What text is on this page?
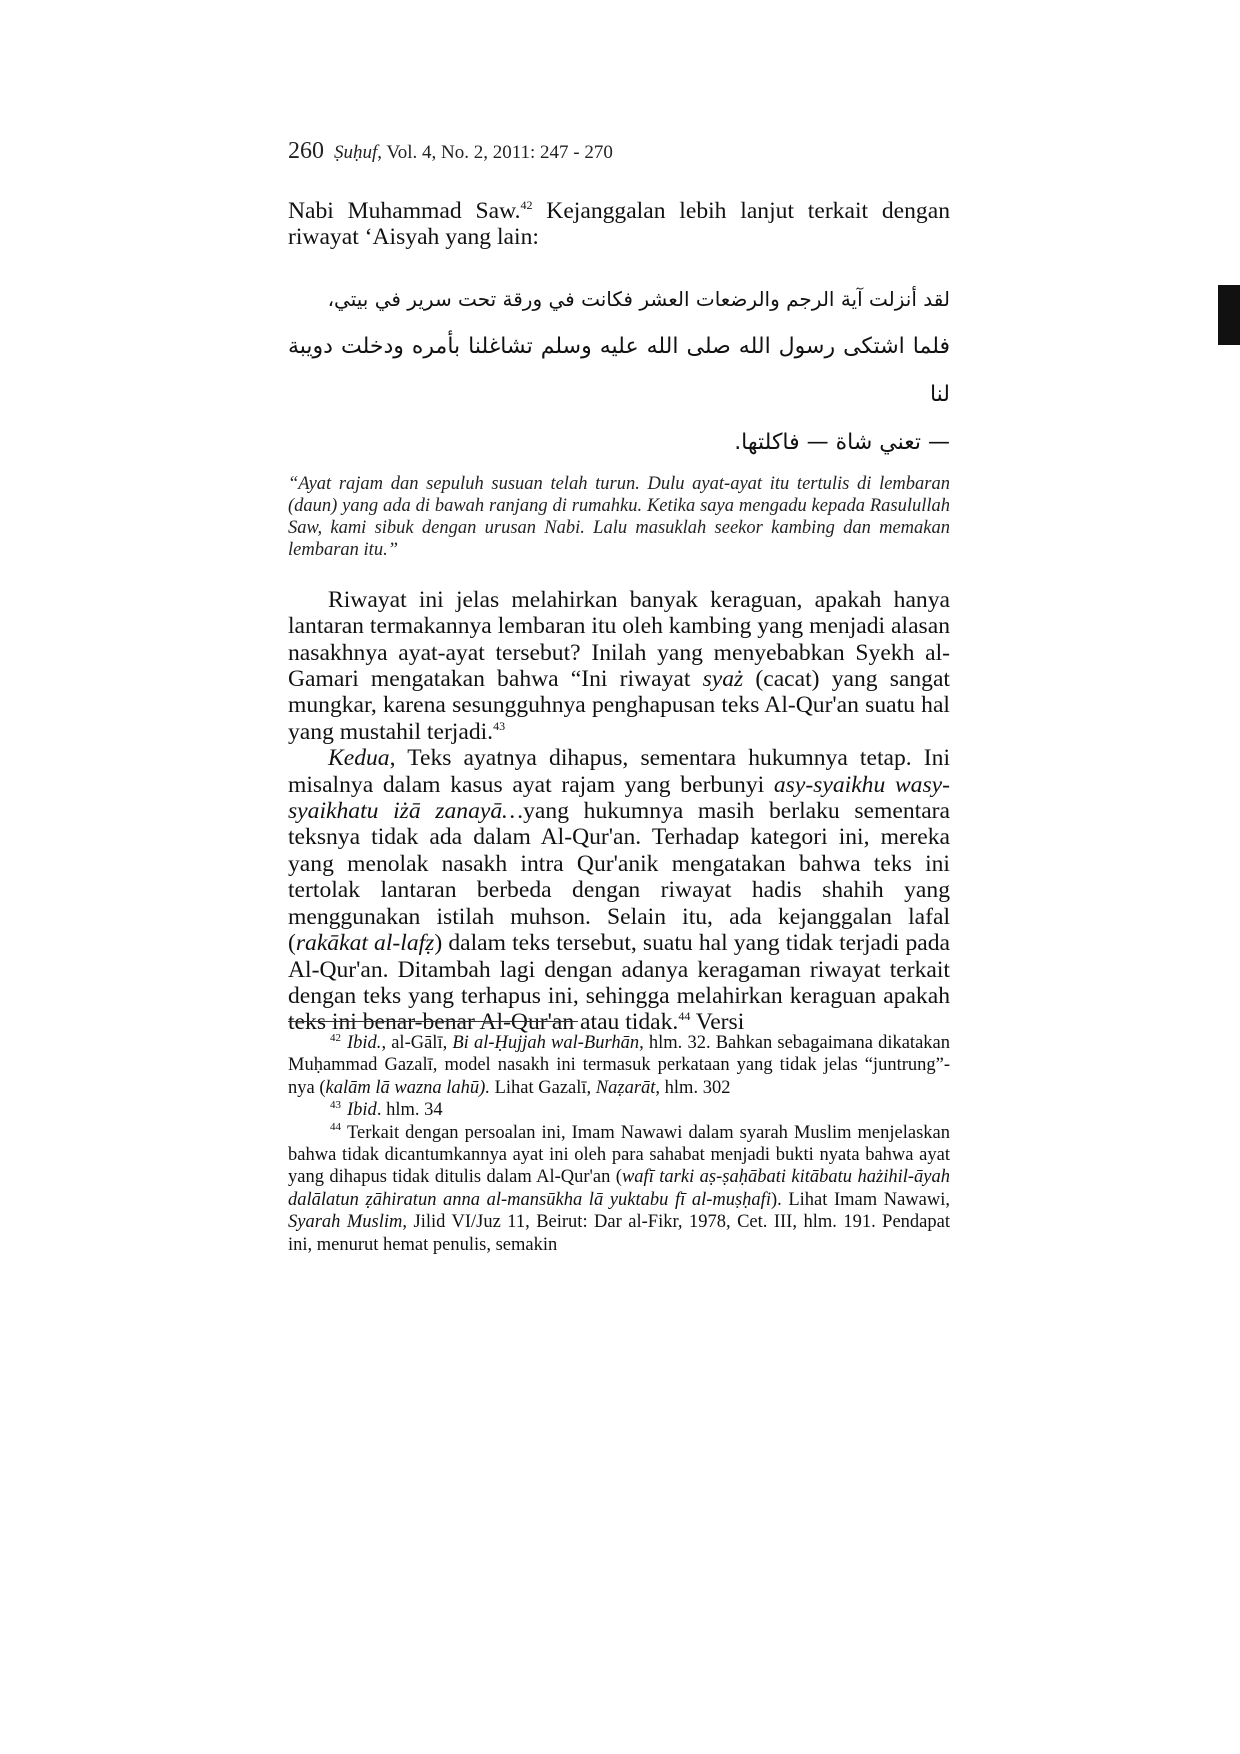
260 Ṣuḥuf, Vol. 4, No. 2, 2011: 247 - 270

Nabi Muhammad Saw.$^{42}$ Kejanggalan lebih lanjut terkait dengan riwayat ‘Aisyah yang lain:

لقد أنزلت آية الرجم والرضعات العشر فكانت في ورقة تحت سرير في بيتي،
فلما اشتكى رسول الله صلى الله عليه وسلم تشاغلنا بأمره ودخلت دويبة لنا
— تعني شاة — فاكلتها.

“Ayat rajam dan sepuluh susuan telah turun. Dulu ayat-ayat itu tertulis di lembaran (daun) yang ada di bawah ranjang di rumahku. Ketika saya mengadu kepada Rasulullah Saw, kami sibuk dengan urusan Nabi. Lalu masuklah seekor kambing dan memakan lembaran itu.”

Riwayat ini jelas melahirkan banyak keraguan, apakah hanya lantaran termakannya lembaran itu oleh kambing yang menjadi alasan nasakhnya ayat-ayat tersebut? Inilah yang menyebabkan Syekh al-Gamari mengatakan bahwa “Ini riwayat syaż (cacat) yang sangat mungkar, karena sesungguhnya penghapusan teks Al-Qur'an suatu hal yang mustahil terjadi.$^{43}$

Kedua, Teks ayatnya dihapus, sementara hukumnya tetap. Ini misalnya dalam kasus ayat rajam yang berbunyi asy-syaikhu wasy-syaikhatu iżā zanayā…yang hukumnya masih berlaku sementara teksnya tidak ada dalam Al-Qur'an. Terhadap kategori ini, mereka yang menolak nasakh intra Qur'anik mengatakan bahwa teks ini tertolak lantaran berbeda dengan riwayat hadis shahih yang menggunakan istilah muhson. Selain itu, ada kejanggalan lafal (rakākat al-lafẓ) dalam teks tersebut, suatu hal yang tidak terjadi pada Al-Qur'an. Ditambah lagi dengan adanya keragaman riwayat terkait dengan teks yang terhapus ini, sehingga melahirkan keraguan apakah teks ini benar-benar Al-Qur'an atau tidak.$^{44}$ Versi

$^{42}$ Ibid., al-Gālī, Bi al-Ḥujjah wal-Burhān, hlm. 32. Bahkan sebagaimana dikatakan Muḥammad Gazalī, model nasakh ini termasuk perkataan yang tidak jelas “juntrung”-nya (kalām lā wazna lahū). Lihat Gazalī, Naẓarāt, hlm. 302

$^{43}$ Ibid. hlm. 34

$^{44}$ Terkait dengan persoalan ini, Imam Nawawi dalam syarah Muslim menjelaskan bahwa tidak dicantumkannya ayat ini oleh para sahabat menjadi bukti nyata bahwa ayat yang dihapus tidak ditulis dalam Al-Qur'an (wafī tarki aṣ-ṣaḥābati kitābatu hażihil-āyah dalālatun ẓāhiratun anna al-mansūkha lā yuktabu fī al-muṣḥafi). Lihat Imam Nawawi, Syarah Muslim, Jilid VI/Juz 11, Beirut: Dar al-Fikr, 1978, Cet. III, hlm. 191. Pendapat ini, menurut hemat penulis, semakin
